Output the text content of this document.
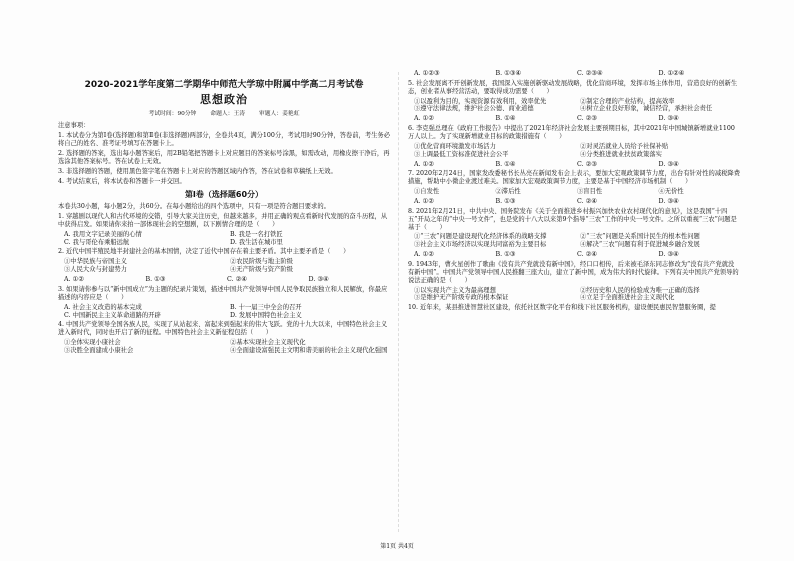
2020-2021学年度第二学期华中师范大学琼中附属中学高二月考试卷
思想政治
考试时间：90分钟 命题人：王涛 审题人：姜艳虹

注意事项：

1. 本试卷分为第Ⅰ卷(选择题)和第Ⅱ卷(非选择题)两部分，全卷共4页，满分100分，考试用时90分钟，答卷前，考生务必将自己的姓名、准考证号填写在答题卡上。

2. 选择题的答案，选出每小题答案后，用2B铅笔把答题卡上对应题目的答案标号涂黑，如需改动，用橡皮擦干净后，再选涂其他答案标号。答在试卷上无效。

3. 非选择题的答题，使用黑色签字笔在答题卡上对应的答题区域内作答，答在试卷和草稿纸上无效。

4. 考试结束后，将本试卷和答题卡一并交回。

第Ⅰ卷（选择题60分）

本卷共30小题，每小题2分，共60分。在每小题给出的四个选项中，只有一项是符合题目要求的。

1. 穿越剧以现代人和古代环境的交错，引导大家关注历史，但越来越多，并用正确的观点看新时代发展的奋斗历程，从中获得启发。如果请你来拍一部体现社会的空想剧，以下剧情合理的是（　　）

A. 我用文字记录美丽的心情	B. 我是一名打铁匠
C. 我与哥伦布乘船远航	D. 我生活在城市里

2. 近代中国半殖民地半封建社会的基本国情，决定了近代中国存在着主要矛盾。其中主要矛盾是（　　）

①中华民族与帝国主义	②农民阶级与地主阶级
③人民大众与封建势力	④无产阶级与资产阶级
A. ①②	B. ①③	C. ②④	D. ③④

3. 如果请你参与以“新中国成立”为主题的纪录片策划，描述中国共产党领导中国人民争取民族独立和人民解放，你最应描述的内容应是（　　）

A. 社会主义改造的基本完成	B. 十一届三中全会的召开
C. 中国新民主主义革命道路的开辟	D. 发展中国特色社会主义

4. 中国共产党领导全国各族人民，实现了从站起来、富起来到强起来的伟大飞跃。党的十九大以来，中国特色社会主义进入新时代，同时也开启了新的征程。中国特色社会主义新征程包括（　　）

①全体实现小康社会	②基本实现社会主义现代化
③决胜全面建成小康社会	④全面建设富强民主文明和谐美丽的社会主义现代化强国
A. ①②③	B. ①③④	C. ②③④	D. ①②④

5. 社会发展离不开创新发展，我国深入实施创新驱动发展战略，优化营商环境，发挥市场主体作用，营造良好的创新生态，创业者从事经营活动，要取得成功需要（　　）

①以盈利为目的，实现资源有效利用，效率优先	②制定合理的产业结构，提高效率
③遵守法律法规，维护社会公德、商业道德	④树立企业良好形象，诚信经营，承担社会责任
A. ①②	B. ①④	C. ②③	D. ③④

6. 李克强总理在《政府工作报告》中提出了2021年经济社会发展主要预期目标，其中2021年中国城镇新增就业1100万人以上。为了实现新增就业目标的政策措施有（　　）

①优化营商环境激发市场活力	②对灵活就业人员给予社保补贴
③上调最低工资标准促进社会公平	④分类推进就业扶贫政策落实
A. ①②	B. ①④	C. ②③	D. ③④

7. 2020年2月24日，国家发改委秘书长丛亮在新闻发布会上表示，要加大宏观政策调节力度，出台有针对性的减税降费措施，帮助中小微企业渡过难关。国家加大宏观政策调节力度，主要是基于中国经济市场机制（　　）

①自发性	②滞后性	③盲目性	④无价性
A. ①②	B. ①③	C. ②④	D. ③④

8. 2021年2月21日，中共中央、国务院发布《关于全面推进乡村振兴加快农业农村现代化的意见》，这是我国“十四五”开局之年的“中央一号文件”，也是党的十八大以来第9个指导“三农”工作的中央一号文件。之所以重视“三农”问题是基于（　　）

①“三农”问题是建设现代化经济体系的战略支撑	②“三农”问题是关系国计民生的根本性问题
③社会主义市场经济以实现共同富裕为主要目标	④解决“三农”问题有利于促进城乡融合发展
A. ①②	B. ①③	C. ②④	D. ③④

9. 1943年，曹火星创作了歌曲《没有共产党就没有新中国》，经口口相传，后来被毛泽东同志修改为“没有共产党就没有新中国”。中国共产党领导中国人民推翻三座大山，建立了新中国，成为伟大的时代旋律。下列有关中国共产党领导的说法正确的是（　　）

①以实现共产主义为最高理想	②经历史和人民的检验成为唯一正确的选择
③是维护无产阶级专政的根本保证	④立足于全面推进社会主义现代化

10. 近年来，某县推进智慧社区建设，依托社区数字化平台和线下社区服务机构，建设便民惠民智慧服务圈，提

第1页 共4页
